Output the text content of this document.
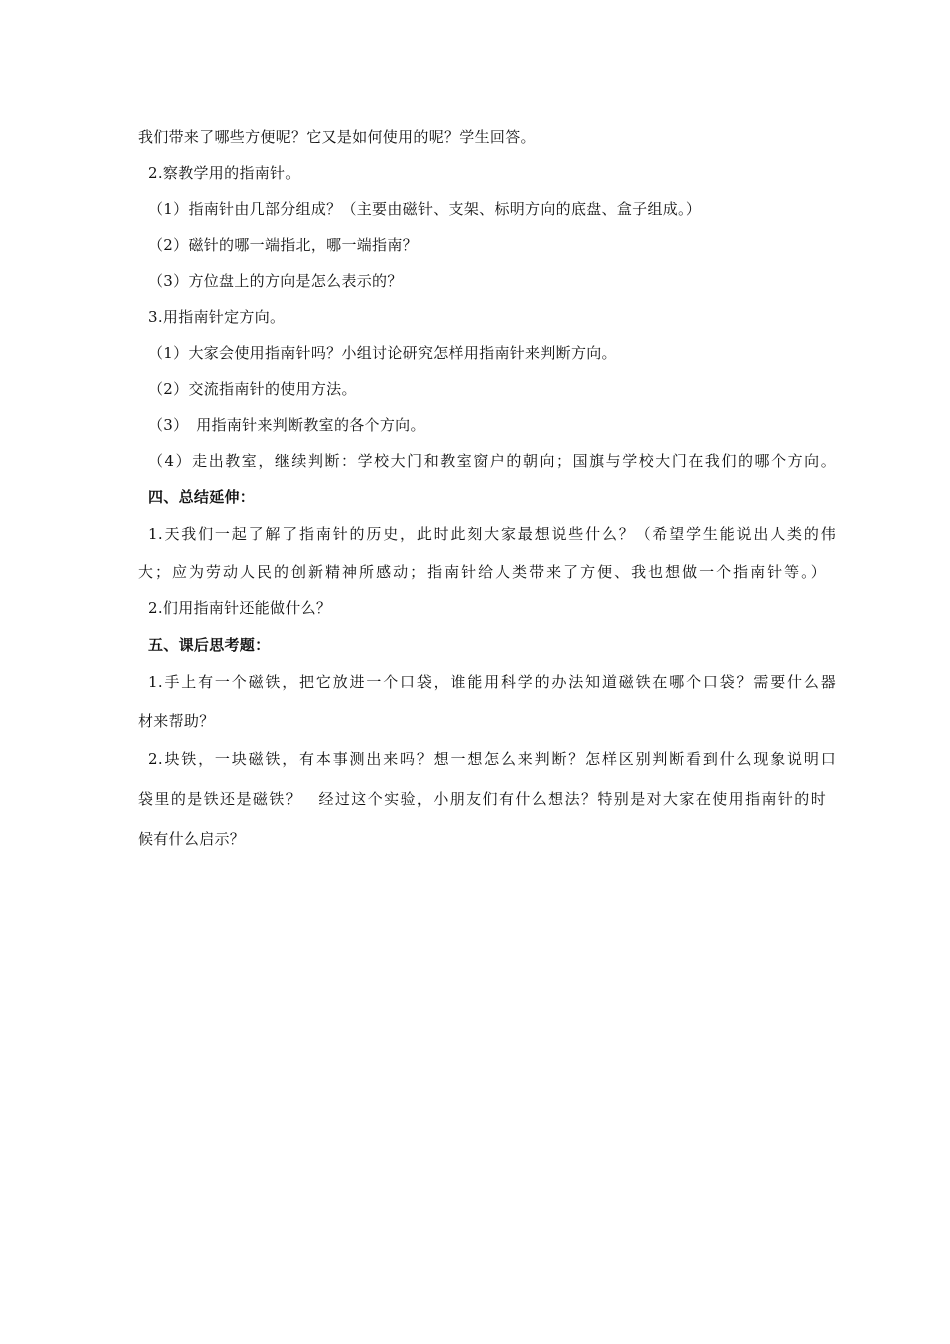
我们带来了哪些方便呢？它又是如何使用的呢？学生回答。
2.察教学用的指南针。
（1）指南针由几部分组成？（主要由磁针、支架、标明方向的底盘、盒子组成。）
（2）磁针的哪一端指北，哪一端指南？
（3）方位盘上的方向是怎么表示的？
3.用指南针定方向。
（1）大家会使用指南针吗？小组讨论研究怎样用指南针来判断方向。
（2）交流指南针的使用方法。
（3）　用指南针来判断教室的各个方向。
（4）走出教室，继续判断：学校大门和教室窗户的朝向；国旗与学校大门在我们的哪个方向。
四、总结延伸：
1.天我们一起了解了指南针的历史，此时此刻大家最想说些什么？（希望学生能说出人类的伟
大；应为劳动人民的创新精神所感动；指南针给人类带来了方便、我也想做一个指南针等。）
2.们用指南针还能做什么？
五、课后思考题：
1.手上有一个磁铁，把它放进一个口袋，谁能用科学的办法知道磁铁在哪个口袋？需要什么器
材来帮助？
2.块铁，一块磁铁，有本事测出来吗？想一想怎么来判断？怎样区别判断看到什么现象说明口
袋里的是铁还是磁铁？　经过这个实验，小朋友们有什么想法？特别是对大家在使用指南针的时
候有什么启示？
